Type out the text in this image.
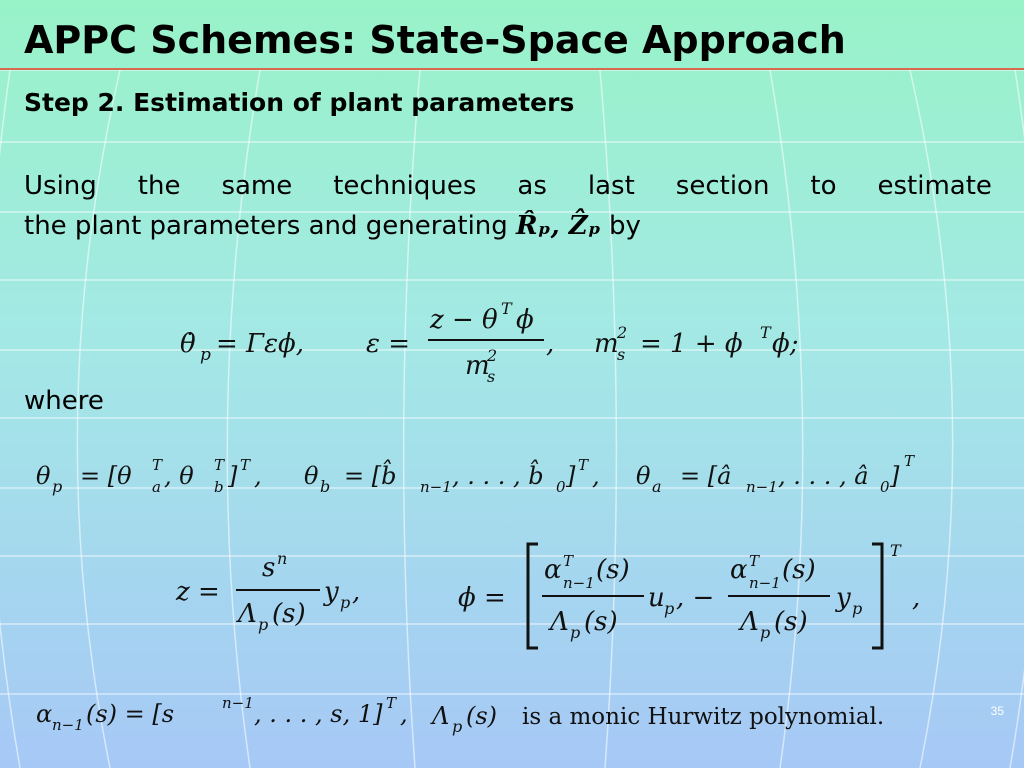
APPC Schemes: State-Space Approach
Step 2. Estimation of plant parameters
Using the same techniques as last section to estimate
the plant parameters and generating R̂ₚ, Ẑₚ by
θ̇ p = Γεϕ, ε =
z − θ T ϕ
m
2
s
, m
2
s = 1 + ϕ T ϕ;
where
θ p = [θ T
a , θ T
b ] T , θ b = [b̂ n−1 , . . . , b̂ 0 ] T , θ a = [â n−1 , . . . , â 0 ]
T
z =
s n
Λ p (s)
y p ,	ϕ =
α T
n−1 (s)
Λ p (s)
u p , −
α T
n−1 (s)
Λ p (s)
y p
T
,
α n−1 (s) = [s	n−1 , . . . , s, 1] T , Λ p (s) is a monic Hurwitz polynomial.	35
